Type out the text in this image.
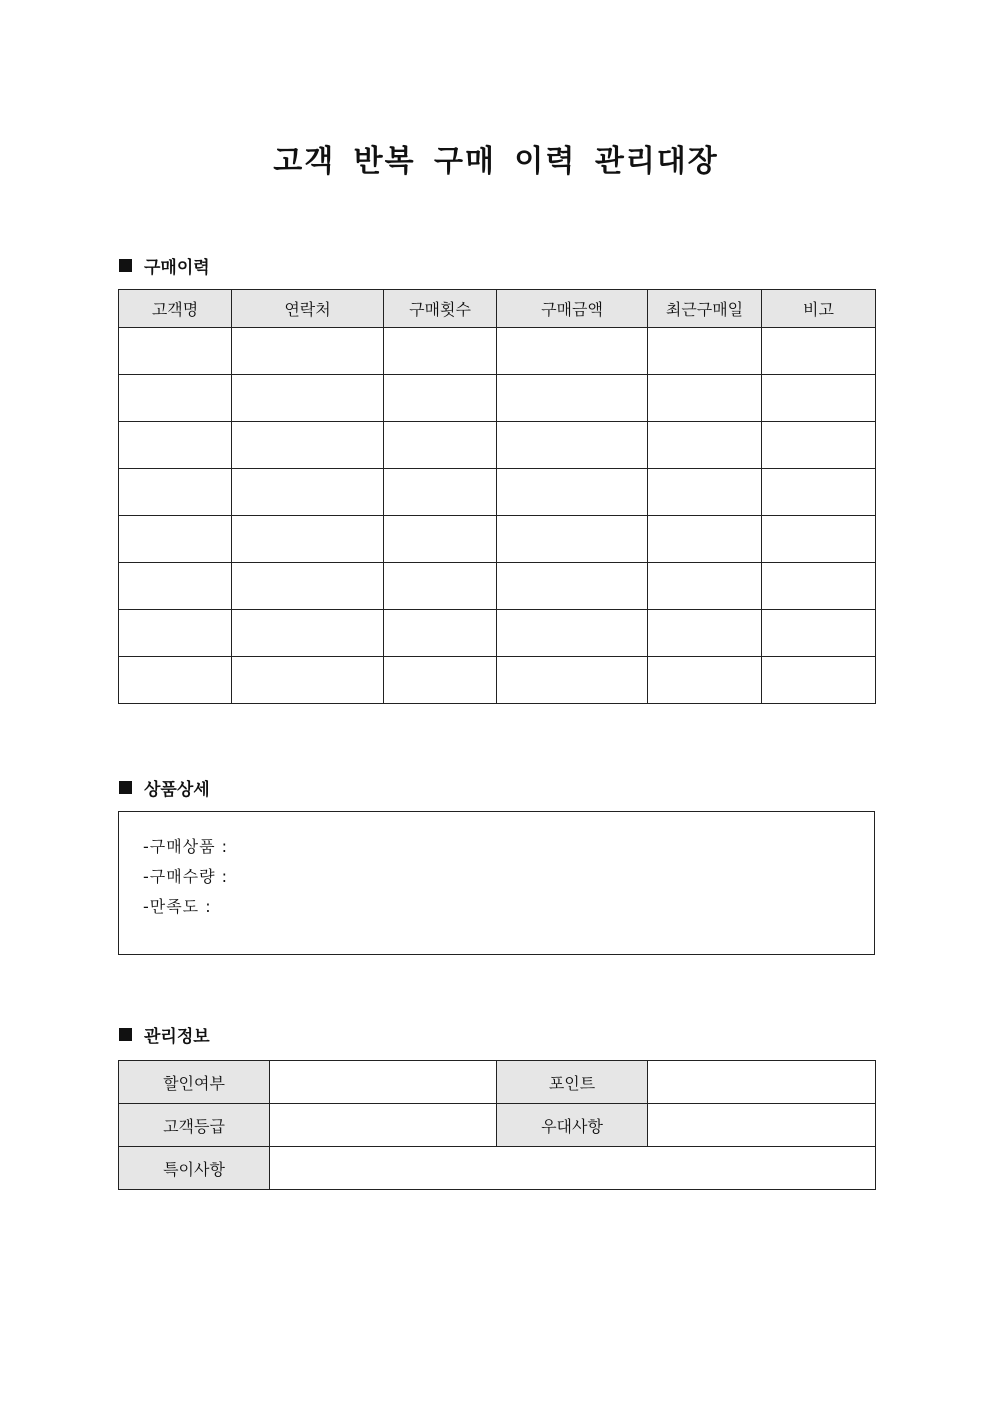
고객 반복 구매 이력 관리대장
구매이력
고객명	연락처	구매횟수	구매금액	최근구매일	비고

상품상세
-구매상품 :
-구매수량 :
-만족도 :
관리정보
할인여부		포인트	
고객등급		우대사항	
특이사항			
